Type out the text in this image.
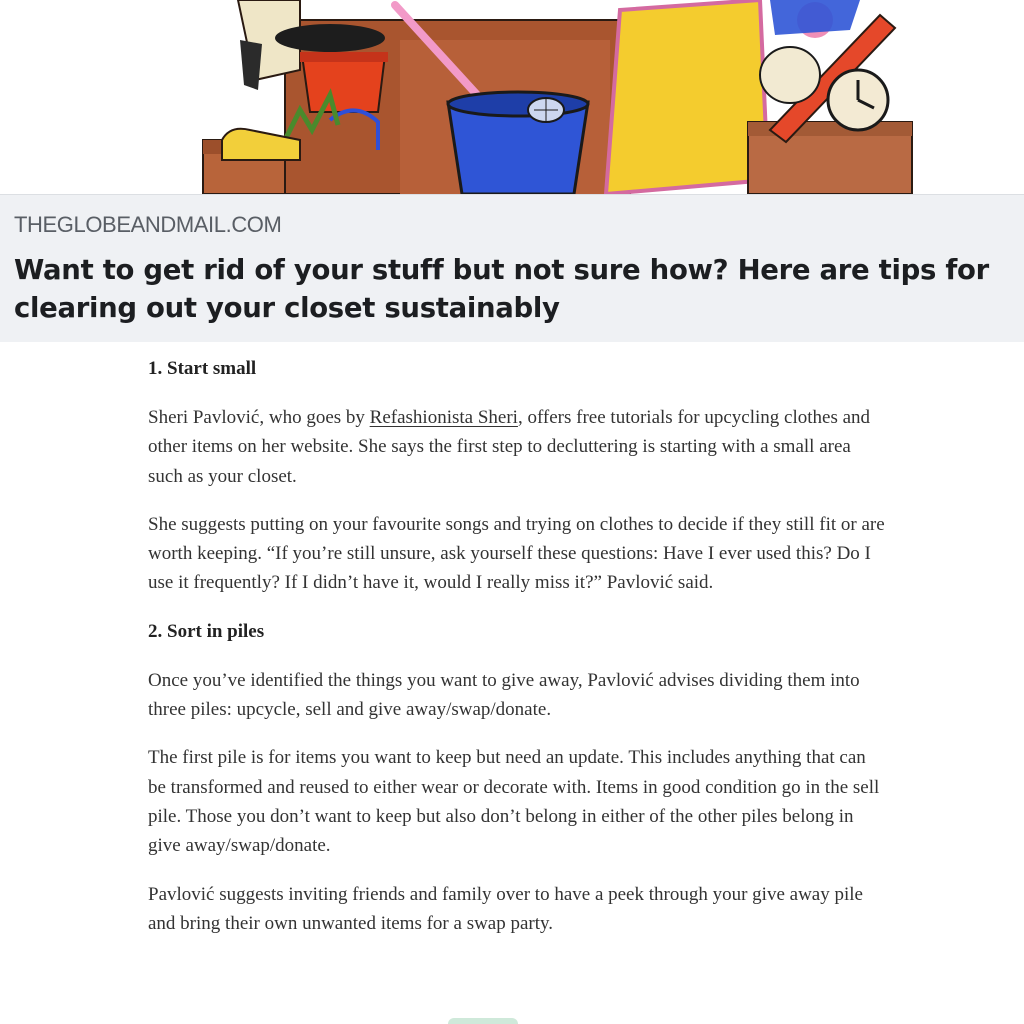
THEGLOBEANDMAIL.COM
Want to get rid of your stuff but not sure how? Here are tips for clearing out your closet sustainably
1. Start small

Sheri Pavlović, who goes by Refashionista Sheri, offers free tutorials for upcycling clothes and other items on her website. She says the first step to decluttering is starting with a small area such as your closet.

She suggests putting on your favourite songs and trying on clothes to decide if they still fit or are worth keeping. “If you’re still unsure, ask yourself these questions: Have I ever used this? Do I use it frequently? If I didn’t have it, would I really miss it?” Pavlović said.

2. Sort in piles

Once you’ve identified the things you want to give away, Pavlović advises dividing them into three piles: upcycle, sell and give away/swap/donate.

The first pile is for items you want to keep but need an update. This includes anything that can be transformed and reused to either wear or decorate with. Items in good condition go in the sell pile. Those you don’t want to keep but also don’t belong in either of the other piles belong in give away/swap/donate.

Pavlović suggests inviting friends and family over to have a peek through your give away pile and bring their own unwanted items for a swap party.
